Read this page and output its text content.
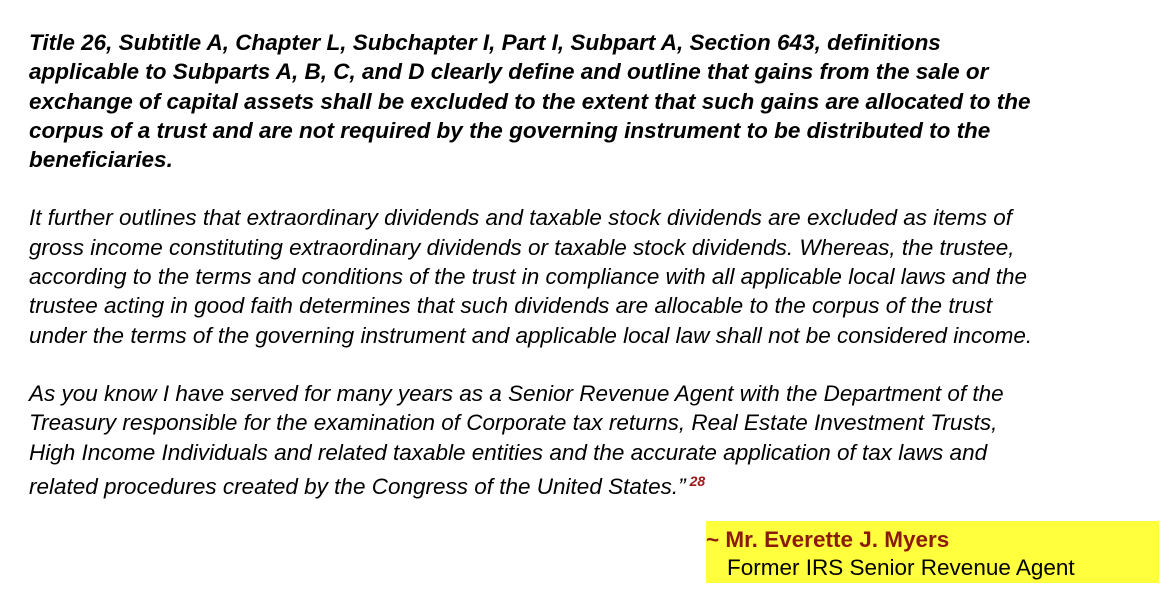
Title 26, Subtitle A, Chapter L, Subchapter I, Part I, Subpart A, Section 643, definitions
applicable to Subparts A, B, C, and D clearly define and outline that gains from the sale or
exchange of capital assets shall be excluded to the extent that such gains are allocated to the
corpus of a trust and are not required by the governing instrument to be distributed to the
beneficiaries.

It further outlines that extraordinary dividends and taxable stock dividends are excluded as items of
gross income constituting extraordinary dividends or taxable stock dividends. Whereas, the trustee,
according to the terms and conditions of the trust in compliance with all applicable local laws and the
trustee acting in good faith determines that such dividends are allocable to the corpus of the trust
under the terms of the governing instrument and applicable local law shall not be considered income.

As you know I have served for many years as a Senior Revenue Agent with the Department of the
Treasury responsible for the examination of Corporate tax returns, Real Estate Investment Trusts,
High Income Individuals and related taxable entities and the accurate application of tax laws and
related procedures created by the Congress of the United States.” $^{28}$

~ Mr. Everette J. Myers
Former IRS Senior Revenue Agent
